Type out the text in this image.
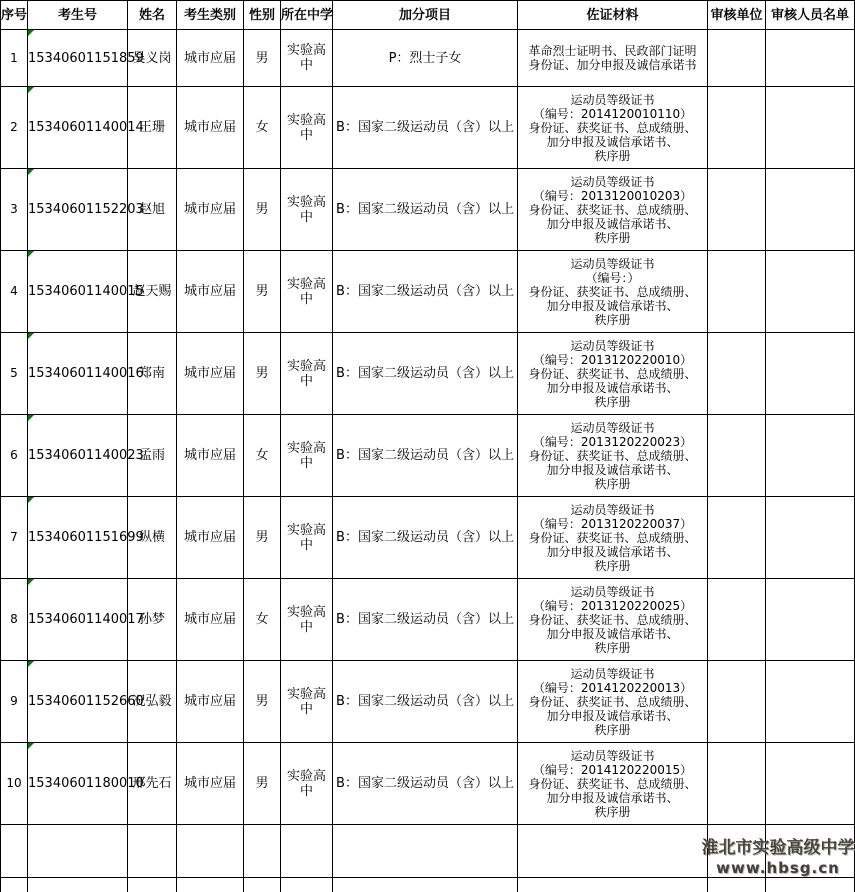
序号	考生号	姓名	考生类别	性别	所在中学	加分项目	佐证材料	审核单位	审核人员名单
1	15340601151859	吴义岗	城市应届	男	实验高中	P：烈士子女	革命烈士证明书、民政部门证明
身份证、加分申报及诚信承诺书		

2	15340601140014	王珊	城市应届	女	实验高中	B：国家二级运动员（含）以上	运动员等级证书
（编号：2014120010110）
身份证、获奖证书、总成绩册、
加分申报及诚信承诺书、
秩序册		

3	15340601152203	赵旭	城市应届	男	实验高中	B：国家二级运动员（含）以上	运动员等级证书
（编号：2013120010203）
身份证、获奖证书、总成绩册、
加分申报及诚信承诺书、
秩序册		

4	15340601140015	赵天赐	城市应届	男	实验高中	B：国家二级运动员（含）以上	运动员等级证书
（编号：）
身份证、获奖证书、总成绩册、
加分申报及诚信承诺书、
秩序册		

5	15340601140016	郑南	城市应届	男	实验高中	B：国家二级运动员（含）以上	运动员等级证书
（编号：2013120220010）
身份证、获奖证书、总成绩册、
加分申报及诚信承诺书、
秩序册		

6	15340601140023	孟雨	城市应届	女	实验高中	B：国家二级运动员（含）以上	运动员等级证书
（编号：2013120220023）
身份证、获奖证书、总成绩册、
加分申报及诚信承诺书、
秩序册		

7	15340601151699	纵横	城市应届	男	实验高中	B：国家二级运动员（含）以上	运动员等级证书
（编号：2013120220037）
身份证、获奖证书、总成绩册、
加分申报及诚信承诺书、
秩序册		

8	15340601140017	孙梦	城市应届	女	实验高中	B：国家二级运动员（含）以上	运动员等级证书
（编号：2013120220025）
身份证、获奖证书、总成绩册、
加分申报及诚信承诺书、
秩序册		

9	15340601152660	况弘毅	城市应届	男	实验高中	B：国家二级运动员（含）以上	运动员等级证书
（编号：2014120220013）
身份证、获奖证书、总成绩册、
加分申报及诚信承诺书、
秩序册		

10	15340601180010	邢先石	城市应届	男	实验高中	B：国家二级运动员（含）以上	运动员等级证书
（编号：2014120220015）
身份证、获奖证书、总成绩册、
加分申报及诚信承诺书、
秩序册		

淮北市实验高级中学
www.hbsg.cn
